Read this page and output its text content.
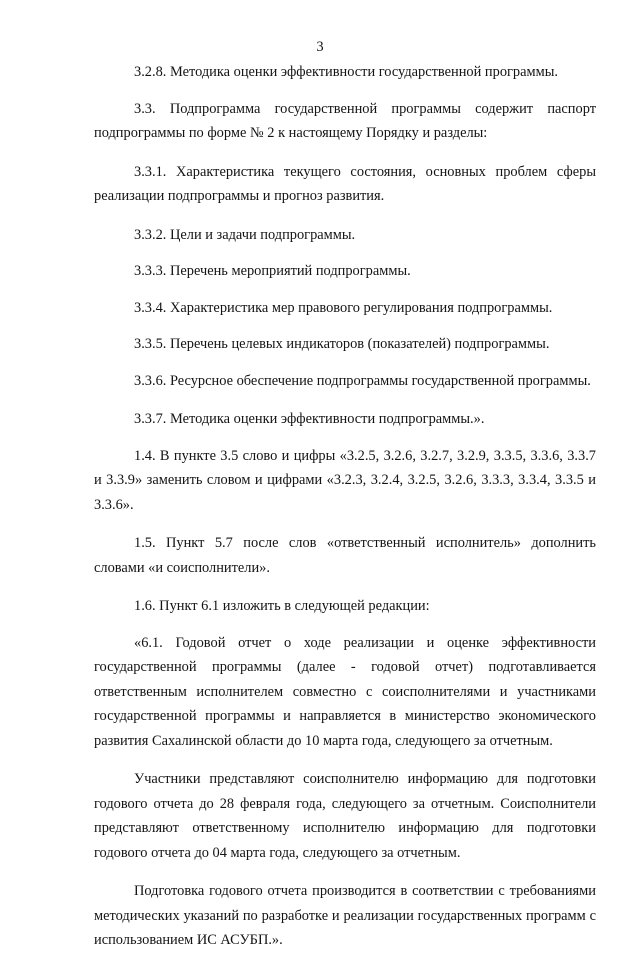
3

3.2.8. Методика оценки эффективности государственной программы.

3.3. Подпрограмма государственной программы содержит паспорт подпрограммы по форме № 2 к настоящему Порядку и разделы:

3.3.1. Характеристика текущего состояния, основных проблем сферы реализации подпрограммы и прогноз развития.

3.3.2. Цели и задачи подпрограммы.

3.3.3. Перечень мероприятий подпрограммы.

3.3.4. Характеристика мер правового регулирования подпрограммы.

3.3.5. Перечень целевых индикаторов (показателей) подпрограммы.

3.3.6. Ресурсное обеспечение подпрограммы государственной программы.

3.3.7. Методика оценки эффективности подпрограммы.».

1.4. В пункте 3.5 слово и цифры «3.2.5, 3.2.6, 3.2.7, 3.2.9, 3.3.5, 3.3.6, 3.3.7 и 3.3.9» заменить словом и цифрами «3.2.3, 3.2.4, 3.2.5, 3.2.6, 3.3.3, 3.3.4, 3.3.5 и 3.3.6».

1.5. Пункт 5.7 после слов «ответственный исполнитель» дополнить словами «и соисполнители».

1.6. Пункт 6.1 изложить в следующей редакции:

«6.1. Годовой отчет о ходе реализации и оценке эффективности государственной программы (далее - годовой отчет) подготавливается ответственным исполнителем совместно с соисполнителями и участниками государственной программы и направляется в министерство экономического развития Сахалинской области до 10 марта года, следующего за отчетным.

Участники представляют соисполнителю информацию для подготовки годового отчета до 28 февраля года, следующего за отчетным. Соисполнители представляют ответственному исполнителю информацию для подготовки годового отчета до 04 марта года, следующего за отчетным.

Подготовка годового отчета производится в соответствии с требованиями методических указаний по разработке и реализации государственных программ с использованием ИС АСУБП.».
